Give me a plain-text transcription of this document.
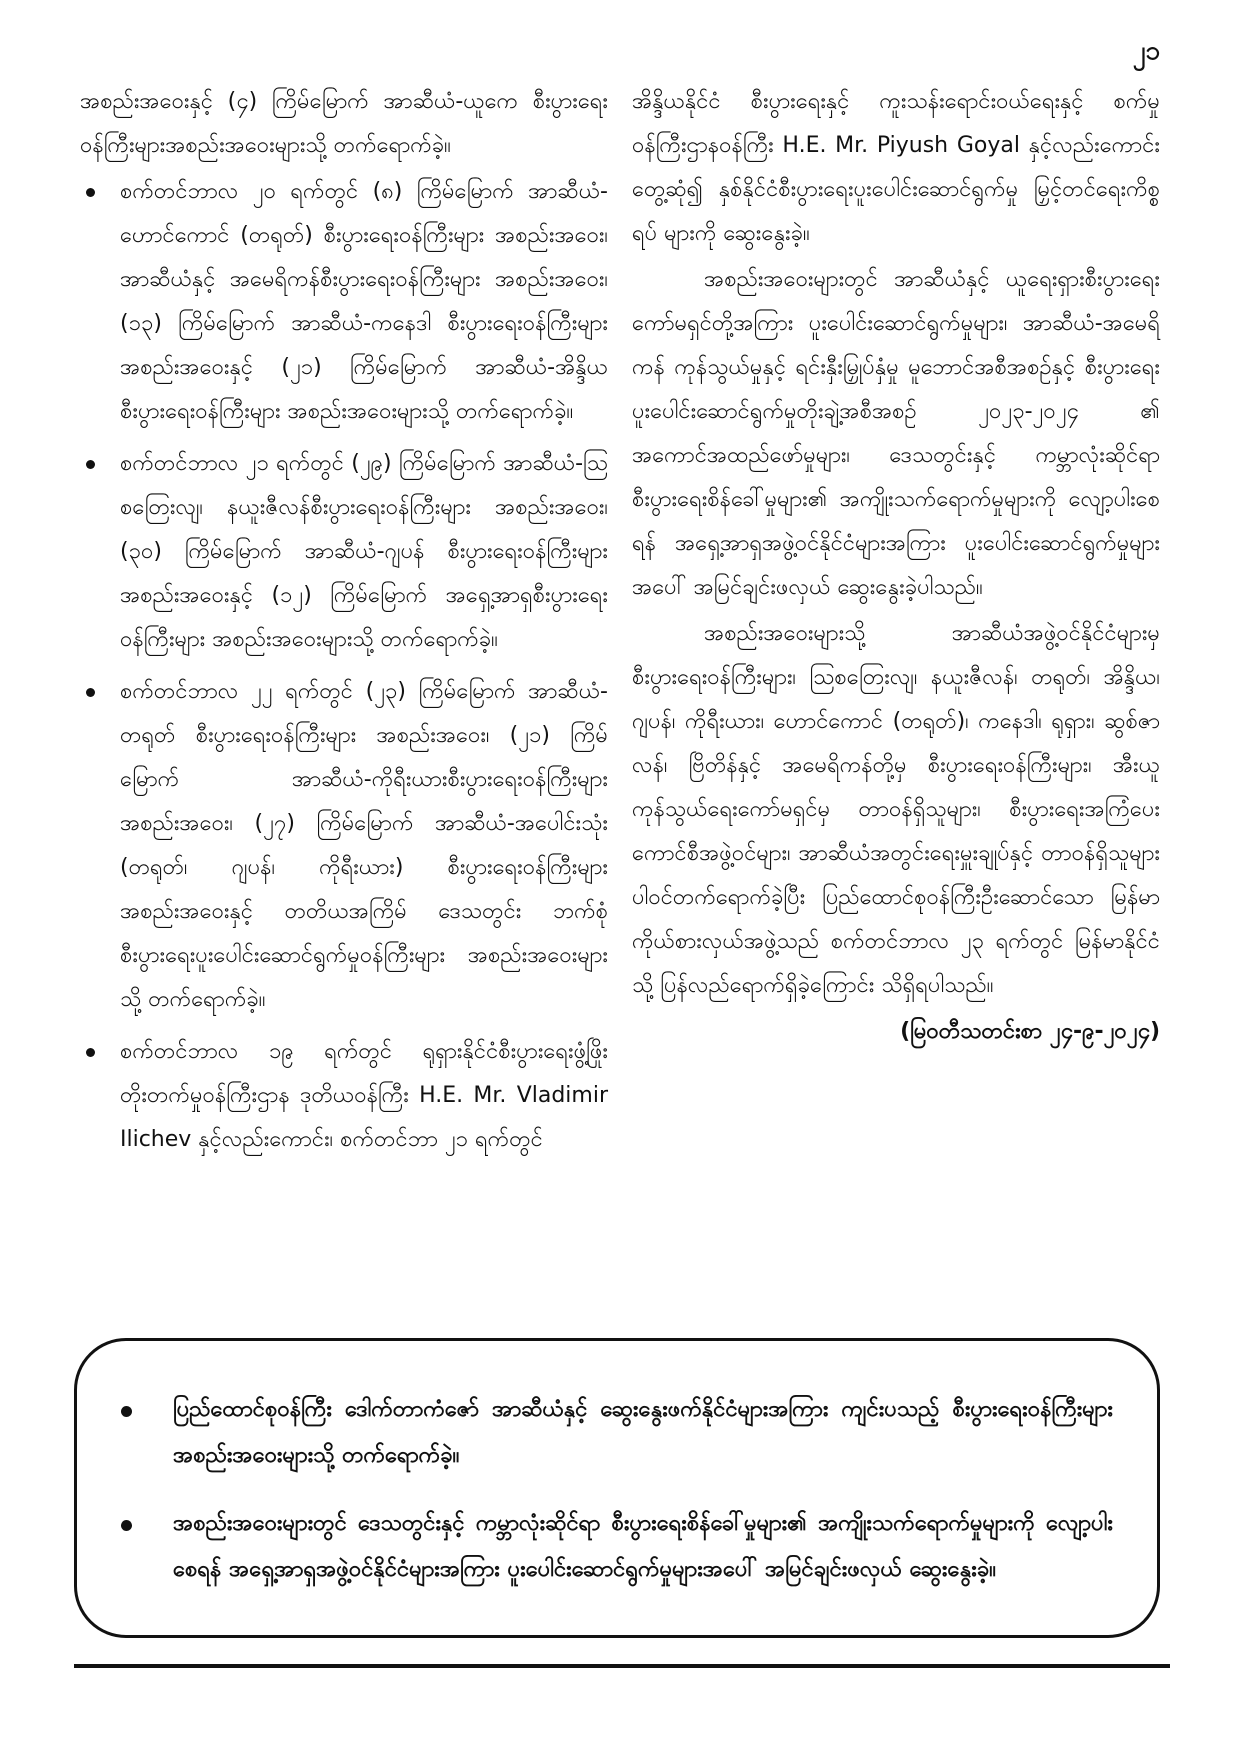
၂၁

အစည်းအဝေးနှင့် (၄) ကြိမ်မြောက် အာဆီယံ-ယူကေ စီးပွားရေးဝန်ကြီးများအစည်းအဝေးများသို့ တက်ရောက်ခဲ့။

စက်တင်ဘာလ ၂၀ ရက်တွင် (၈) ကြိမ်မြောက် အာဆီယံ-ဟောင်ကောင် (တရုတ်) စီးပွားရေးဝန်ကြီးများ အစည်းအဝေး၊ အာဆီယံနှင့် အမေရိကန်စီးပွားရေးဝန်ကြီးများ အစည်းအဝေး၊ (၁၃) ကြိမ်မြောက် အာဆီယံ-ကနေဒါ စီးပွားရေးဝန်ကြီးများအစည်းအဝေးနှင့် (၂၁) ကြိမ်မြောက် အာဆီယံ-အိန္ဒိယစီးပွားရေးဝန်ကြီးများ အစည်းအဝေးများသို့ တက်ရောက်ခဲ့။
စက်တင်ဘာလ ၂၁ ရက်တွင် (၂၉) ကြိမ်မြောက် အာဆီယံ-သြစတြေးလျ၊ နယူးဇီလန်စီးပွားရေးဝန်ကြီးများ အစည်းအဝေး၊ (၃၀) ကြိမ်မြောက် အာဆီယံ-ဂျပန် စီးပွားရေးဝန်ကြီးများအစည်းအဝေးနှင့် (၁၂) ကြိမ်မြောက် အရှေ့အာရှစီးပွားရေးဝန်ကြီးများ အစည်းအဝေးများသို့ တက်ရောက်ခဲ့။
စက်တင်ဘာလ ၂၂ ရက်တွင် (၂၃) ကြိမ်မြောက် အာဆီယံ-တရုတ် စီးပွားရေးဝန်ကြီးများ အစည်းအဝေး၊ (၂၁) ကြိမ်မြောက် အာဆီယံ-ကိုရီးယားစီးပွားရေးဝန်ကြီးများ အစည်းအဝေး၊ (၂၇) ကြိမ်မြောက် အာဆီယံ-အပေါင်းသုံး (တရုတ်၊ ဂျပန်၊ ကိုရီးယား) စီးပွားရေးဝန်ကြီးများ အစည်းအဝေးနှင့် တတိယအကြိမ် ဒေသတွင်း ဘက်စုံစီးပွားရေးပူးပေါင်းဆောင်ရွက်မှုဝန်ကြီးများ အစည်းအဝေးများသို့ တက်ရောက်ခဲ့။
စက်တင်ဘာလ ၁၉ ရက်တွင် ရုရှားနိုင်ငံစီးပွားရေးဖွံ့ဖြိုးတိုးတက်မှုဝန်ကြီးဌာန ဒုတိယဝန်ကြီး H.E. Mr. Vladimir Ilichev နှင့်လည်းကောင်း၊ စက်တင်ဘာ ၂၁ ရက်တွင်

အိန္ဒိယနိုင်ငံ စီးပွားရေးနှင့် ကူးသန်းရောင်းဝယ်ရေးနှင့် စက်မှုဝန်ကြီးဌာနဝန်ကြီး H.E. Mr. Piyush Goyal နှင့်လည်းကောင်း တွေ့ဆုံ၍ နှစ်နိုင်ငံစီးပွားရေးပူးပေါင်းဆောင်ရွက်မှု မြှင့်တင်ရေးကိစ္စရပ် များကို ဆွေးနွေးခဲ့။

အစည်းအဝေးများတွင် အာဆီယံနှင့် ယူရေးရှားစီးပွားရေးကော်မရှင်တို့အကြား ပူးပေါင်းဆောင်ရွက်မှုများ၊ အာဆီယံ-အမေရိကန် ကုန်သွယ်မှုနှင့် ရင်းနှီးမြှုပ်နှံမှု မူဘောင်အစီအစဉ်နှင့် စီးပွားရေးပူးပေါင်းဆောင်ရွက်မှုတိုးချဲ့အစီအစဉ် ၂၀၂၃-၂၀၂၄ ၏ အကောင်အထည်ဖော်မှုများ၊ ဒေသတွင်းနှင့် ကမ္ဘာလုံးဆိုင်ရာ စီးပွားရေးစိန်ခေါ်မှုများ၏ အကျိုးသက်ရောက်မှုများကို လျော့ပါးစေရန် အရှေ့အာရှအဖွဲ့ဝင်နိုင်ငံများအကြား ပူးပေါင်းဆောင်ရွက်မှုများအပေါ် အမြင်ချင်းဖလှယ် ဆွေးနွေးခဲ့ပါသည်။

အစည်းအဝေးများသို့ အာဆီယံအဖွဲ့ဝင်နိုင်ငံများမှ စီးပွားရေးဝန်ကြီးများ၊ သြစတြေးလျ၊ နယူးဇီလန်၊ တရုတ်၊ အိန္ဒိယ၊ ဂျပန်၊ ကိုရီးယား၊ ဟောင်ကောင် (တရုတ်)၊ ကနေဒါ၊ ရုရှား၊ ဆွစ်ဇာလန်၊ ဗြိတိန်နှင့် အမေရိကန်တို့မှ စီးပွားရေးဝန်ကြီးများ၊ အီးယူကုန်သွယ်ရေးကော်မရှင်မှ တာဝန်ရှိသူများ၊ စီးပွားရေးအကြံပေးကောင်စီအဖွဲ့ဝင်များ၊ အာဆီယံအတွင်းရေးမှူးချုပ်နှင့် တာဝန်ရှိသူများ ပါဝင်တက်ရောက်ခဲ့ပြီး ပြည်ထောင်စုဝန်ကြီးဦးဆောင်သော မြန်မာကိုယ်စားလှယ်အဖွဲ့သည် စက်တင်ဘာလ ၂၃ ရက်တွင် မြန်မာနိုင်ငံသို့ ပြန်လည်ရောက်ရှိခဲ့ကြောင်း သိရှိရပါသည်။

(မြဝတီသတင်းစာ ၂၄-၉-၂၀၂၄)

ပြည်ထောင်စုဝန်ကြီး ဒေါက်တာကံဇော် အာဆီယံနှင့် ဆွေးနွေးဖက်နိုင်ငံများအကြား ကျင်းပသည့် စီးပွားရေးဝန်ကြီးများအစည်းအဝေးများသို့ တက်ရောက်ခဲ့။
အစည်းအဝေးများတွင် ဒေသတွင်းနှင့် ကမ္ဘာလုံးဆိုင်ရာ စီးပွားရေးစိန်ခေါ်မှုများ၏ အကျိုးသက်ရောက်မှုများကို လျော့ပါးစေရန် အရှေ့အာရှအဖွဲ့ဝင်နိုင်ငံများအကြား ပူးပေါင်းဆောင်ရွက်မှုများအပေါ် အမြင်ချင်းဖလှယ် ဆွေးနွေးခဲ့။
